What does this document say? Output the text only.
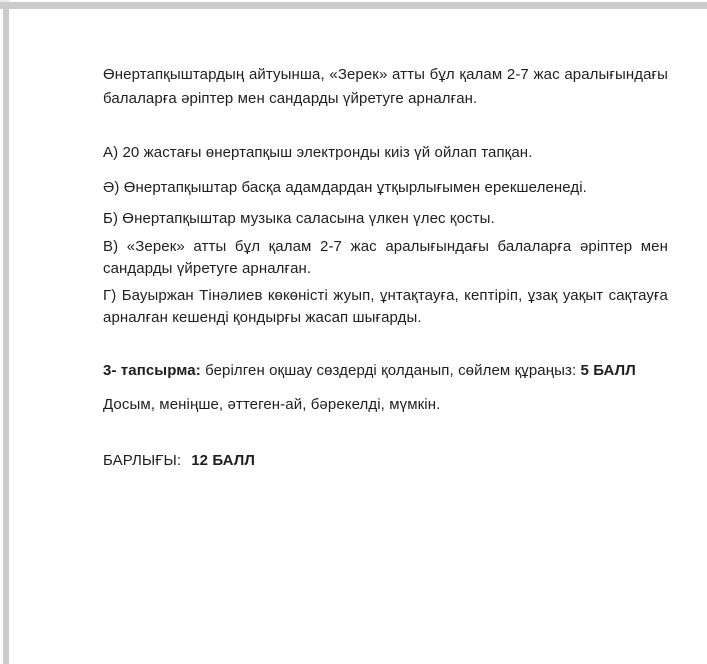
Өнертапқыштардың айтуынша, «Зерек» атты бұл қалам 2-7 жас аралығындағы балаларға әріптер мен сандарды үйретуге арналған.

А) 20 жастағы өнертапқыш электронды киіз үй ойлап тапқан.

Ә) Өнертапқыштар басқа адамдардан ұтқырлығымен ерекшеленеді.

Б) Өнертапқыштар музыка саласына үлкен үлес қосты.

В) «Зерек» атты бұл қалам 2-7 жас аралығындағы балаларға әріптер мен сандарды үйретуге арналған.

Г) Бауыржан Тінәлиев көкөністі жуып, ұнтақтауға, кептіріп, ұзақ уақыт сақтауға арналған кешенді қондырғы жасап шығарды.

3- тапсырма: берілген оқшау сөздерді қолданып, сөйлем құраңыз: 5 БАЛЛ

Досым, меніңше, әттеген-ай, бәрекелді, мүмкін.

БАРЛЫҒЫ: 12 БАЛЛ
